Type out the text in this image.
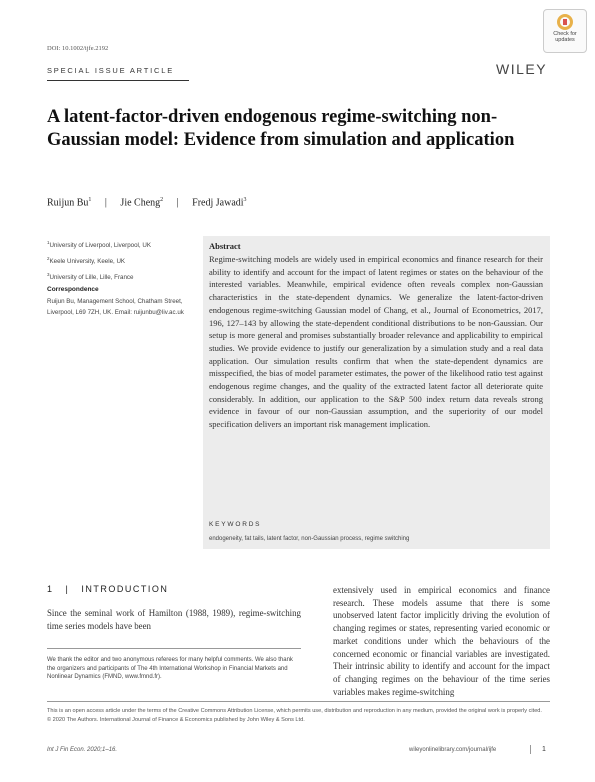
DOI: 10.1002/ijfe.2192
Check for updates
SPECIAL ISSUE ARTICLE	WILEY
A latent-factor-driven endogenous regime-switching non-Gaussian model: Evidence from simulation and application
Ruijun Bu$^1$ | Jie Cheng$^2$ | Fredj Jawadi$^3$
$^1$University of Liverpool, Liverpool, UK
$^2$Keele University, Keele, UK
$^3$University of Lille, Lille, France
Correspondence
Ruijun Bu, Management School, Chatham Street, Liverpool, L69 7ZH, UK. Email: ruijunbu@liv.ac.uk
Abstract
Regime-switching models are widely used in empirical economics and finance research for their ability to identify and account for the impact of latent regimes or states on the behaviour of the interested variables. Meanwhile, empirical evidence often reveals complex non-Gaussian characteristics in the state-dependent dynamics. We generalize the latent-factor-driven endogenous regime-switching Gaussian model of Chang, et al., Journal of Econometrics, 2017, 196, 127–143 by allowing the state-dependent conditional distributions to be non-Gaussian. Our setup is more general and promises substantially broader relevance and applicability to empirical studies. We provide evidence to justify our generalization by a simulation study and a real data application. Our simulation results confirm that when the state-dependent dynamics are misspecified, the bias of model parameter estimates, the power of the likelihood ratio test against endogenous regime changes, and the quality of the extracted latent factor all deteriorate quite considerably. In addition, our application to the S&P 500 index return data reveals strong evidence in favour of our non-Gaussian assumption, and the superiority of our model specification delivers an important risk management implication.
KEYWORDS
endogeneity, fat tails, latent factor, non-Gaussian process, regime switching
1 | INTRODUCTION
Since the seminal work of Hamilton (1988, 1989), regime-switching time series models have been
extensively used in empirical economics and finance research. These models assume that there is some unobserved latent factor implicitly driving the evolution of changing regimes or states, representing varied economic or market conditions under which the behaviours of the concerned economic or financial variables are investigated. Their intrinsic ability to identify and account for the impact of changing regimes on the behaviour of the time series variables makes regime-switching
We thank the editor and two anonymous referees for many helpful comments. We also thank the organizers and participants of The 4th International Workshop in Financial Markets and Nonlinear Dynamics (FMND, www.fmnd.fr).
This is an open access article under the terms of the Creative Commons Attribution License, which permits use, distribution and reproduction in any medium, provided the original work is properly cited.
© 2020 The Authors. International Journal of Finance & Economics published by John Wiley & Sons Ltd.
Int J Fin Econ. 2020;1–16.	wileyonlinelibrary.com/journal/ijfe	1
